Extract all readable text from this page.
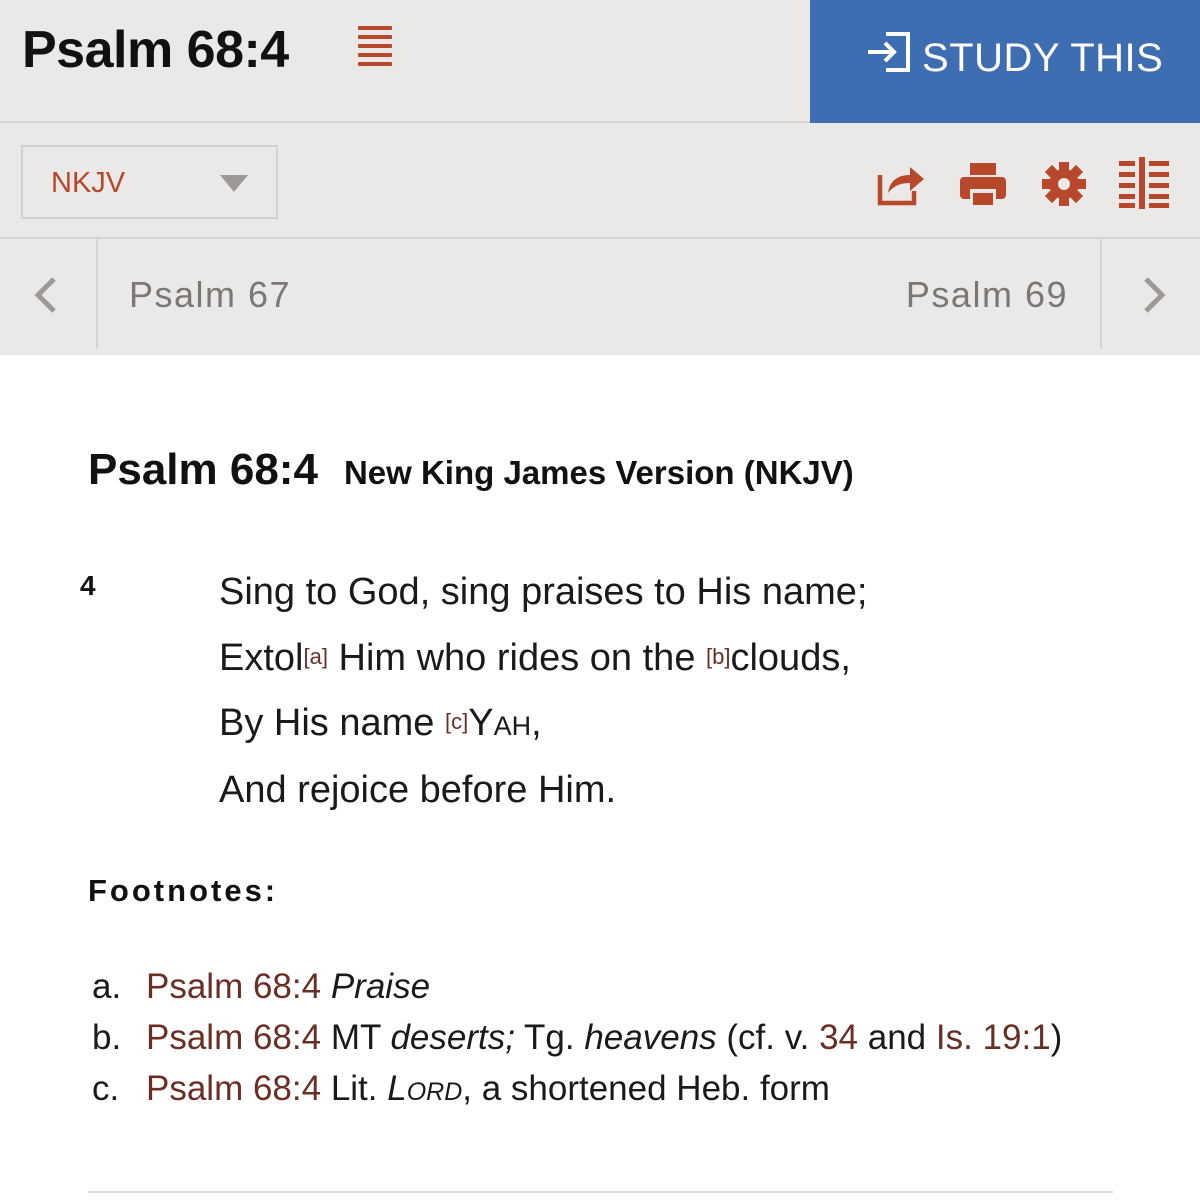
Psalm 68:4	STUDY THIS
NKJV
Psalm 67	Psalm 69
Psalm 68:4 New King James Version (NKJV)
4	Sing to God, sing praises to His name;
Extol[a] Him who rides on the [b]clouds,
By His name [c]YAH,
And rejoice before Him.
Footnotes:
a. Psalm 68:4 Praise
b. Psalm 68:4 MT deserts; Tg. heavens (cf. v. 34 and Is. 19:1)
c. Psalm 68:4 Lit. LORD, a shortened Heb. form
